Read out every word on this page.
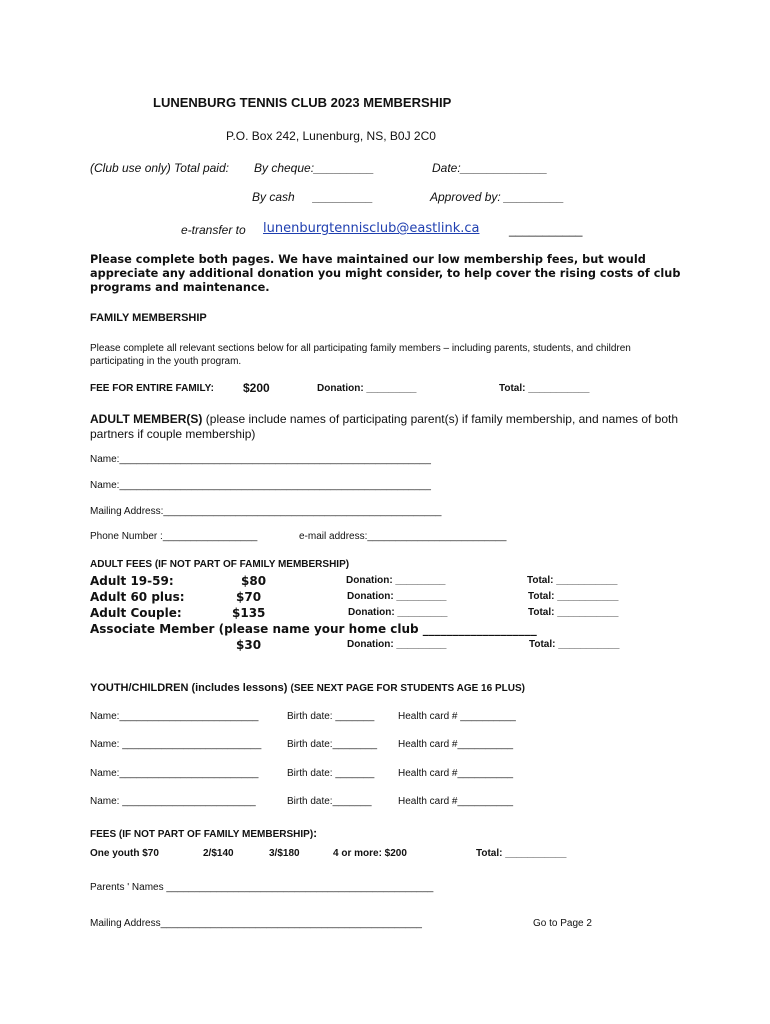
LUNENBURG TENNIS CLUB 2023 MEMBERSHIP
P.O. Box 242, Lunenburg, NS, B0J 2C0
(Club use only) Total paid: By cheque:_________	Date:_____________
By cash _________	Approved by: _________
e-transfer to lunenburgtennisclub@eastlink.ca ___________
Please complete both pages. We have maintained our low membership fees, but would appreciate any additional donation you might consider, to help cover the rising costs of club programs and maintenance.
FAMILY MEMBERSHIP
Please complete all relevant sections below for all participating family members – including parents, students, and children participating in the youth program.
FEE FOR ENTIRE FAMILY: $200	Donation: _________	Total: ___________
ADULT MEMBER(S) (please include names of participating parent(s) if family membership, and names of both partners if couple membership)
Name:________________________________________________________
Name:________________________________________________________
Mailing Address:__________________________________________________
Phone Number :_________________	e-mail address:_________________________
ADULT FEES (IF NOT PART OF FAMILY MEMBERSHIP)
Adult 19-59:	$80	Donation: _________	Total: ___________
Adult 60 plus:	$70	Donation: _________	Total: ___________
Adult Couple:	$135	Donation: _________	Total: ___________
Associate Member (please name your home club ___________________
$30	Donation: _________	Total: ___________
YOUTH/CHILDREN (includes lessons) (SEE NEXT PAGE FOR STUDENTS AGE 16 PLUS)
Name:_________________________	Birth date: _______ Health card # __________
Name: _________________________	Birth date:________ Health card #__________
Name:_________________________	Birth date: _______ Health card #__________
Name: ________________________	Birth date:_______	Health card #__________
FEES (IF NOT PART OF FAMILY MEMBERSHIP):
One youth $70	2/$140	3/$180	4 or more: $200	Total: ___________
Parents ' Names ________________________________________________
Mailing Address_______________________________________________	Go to Page 2
